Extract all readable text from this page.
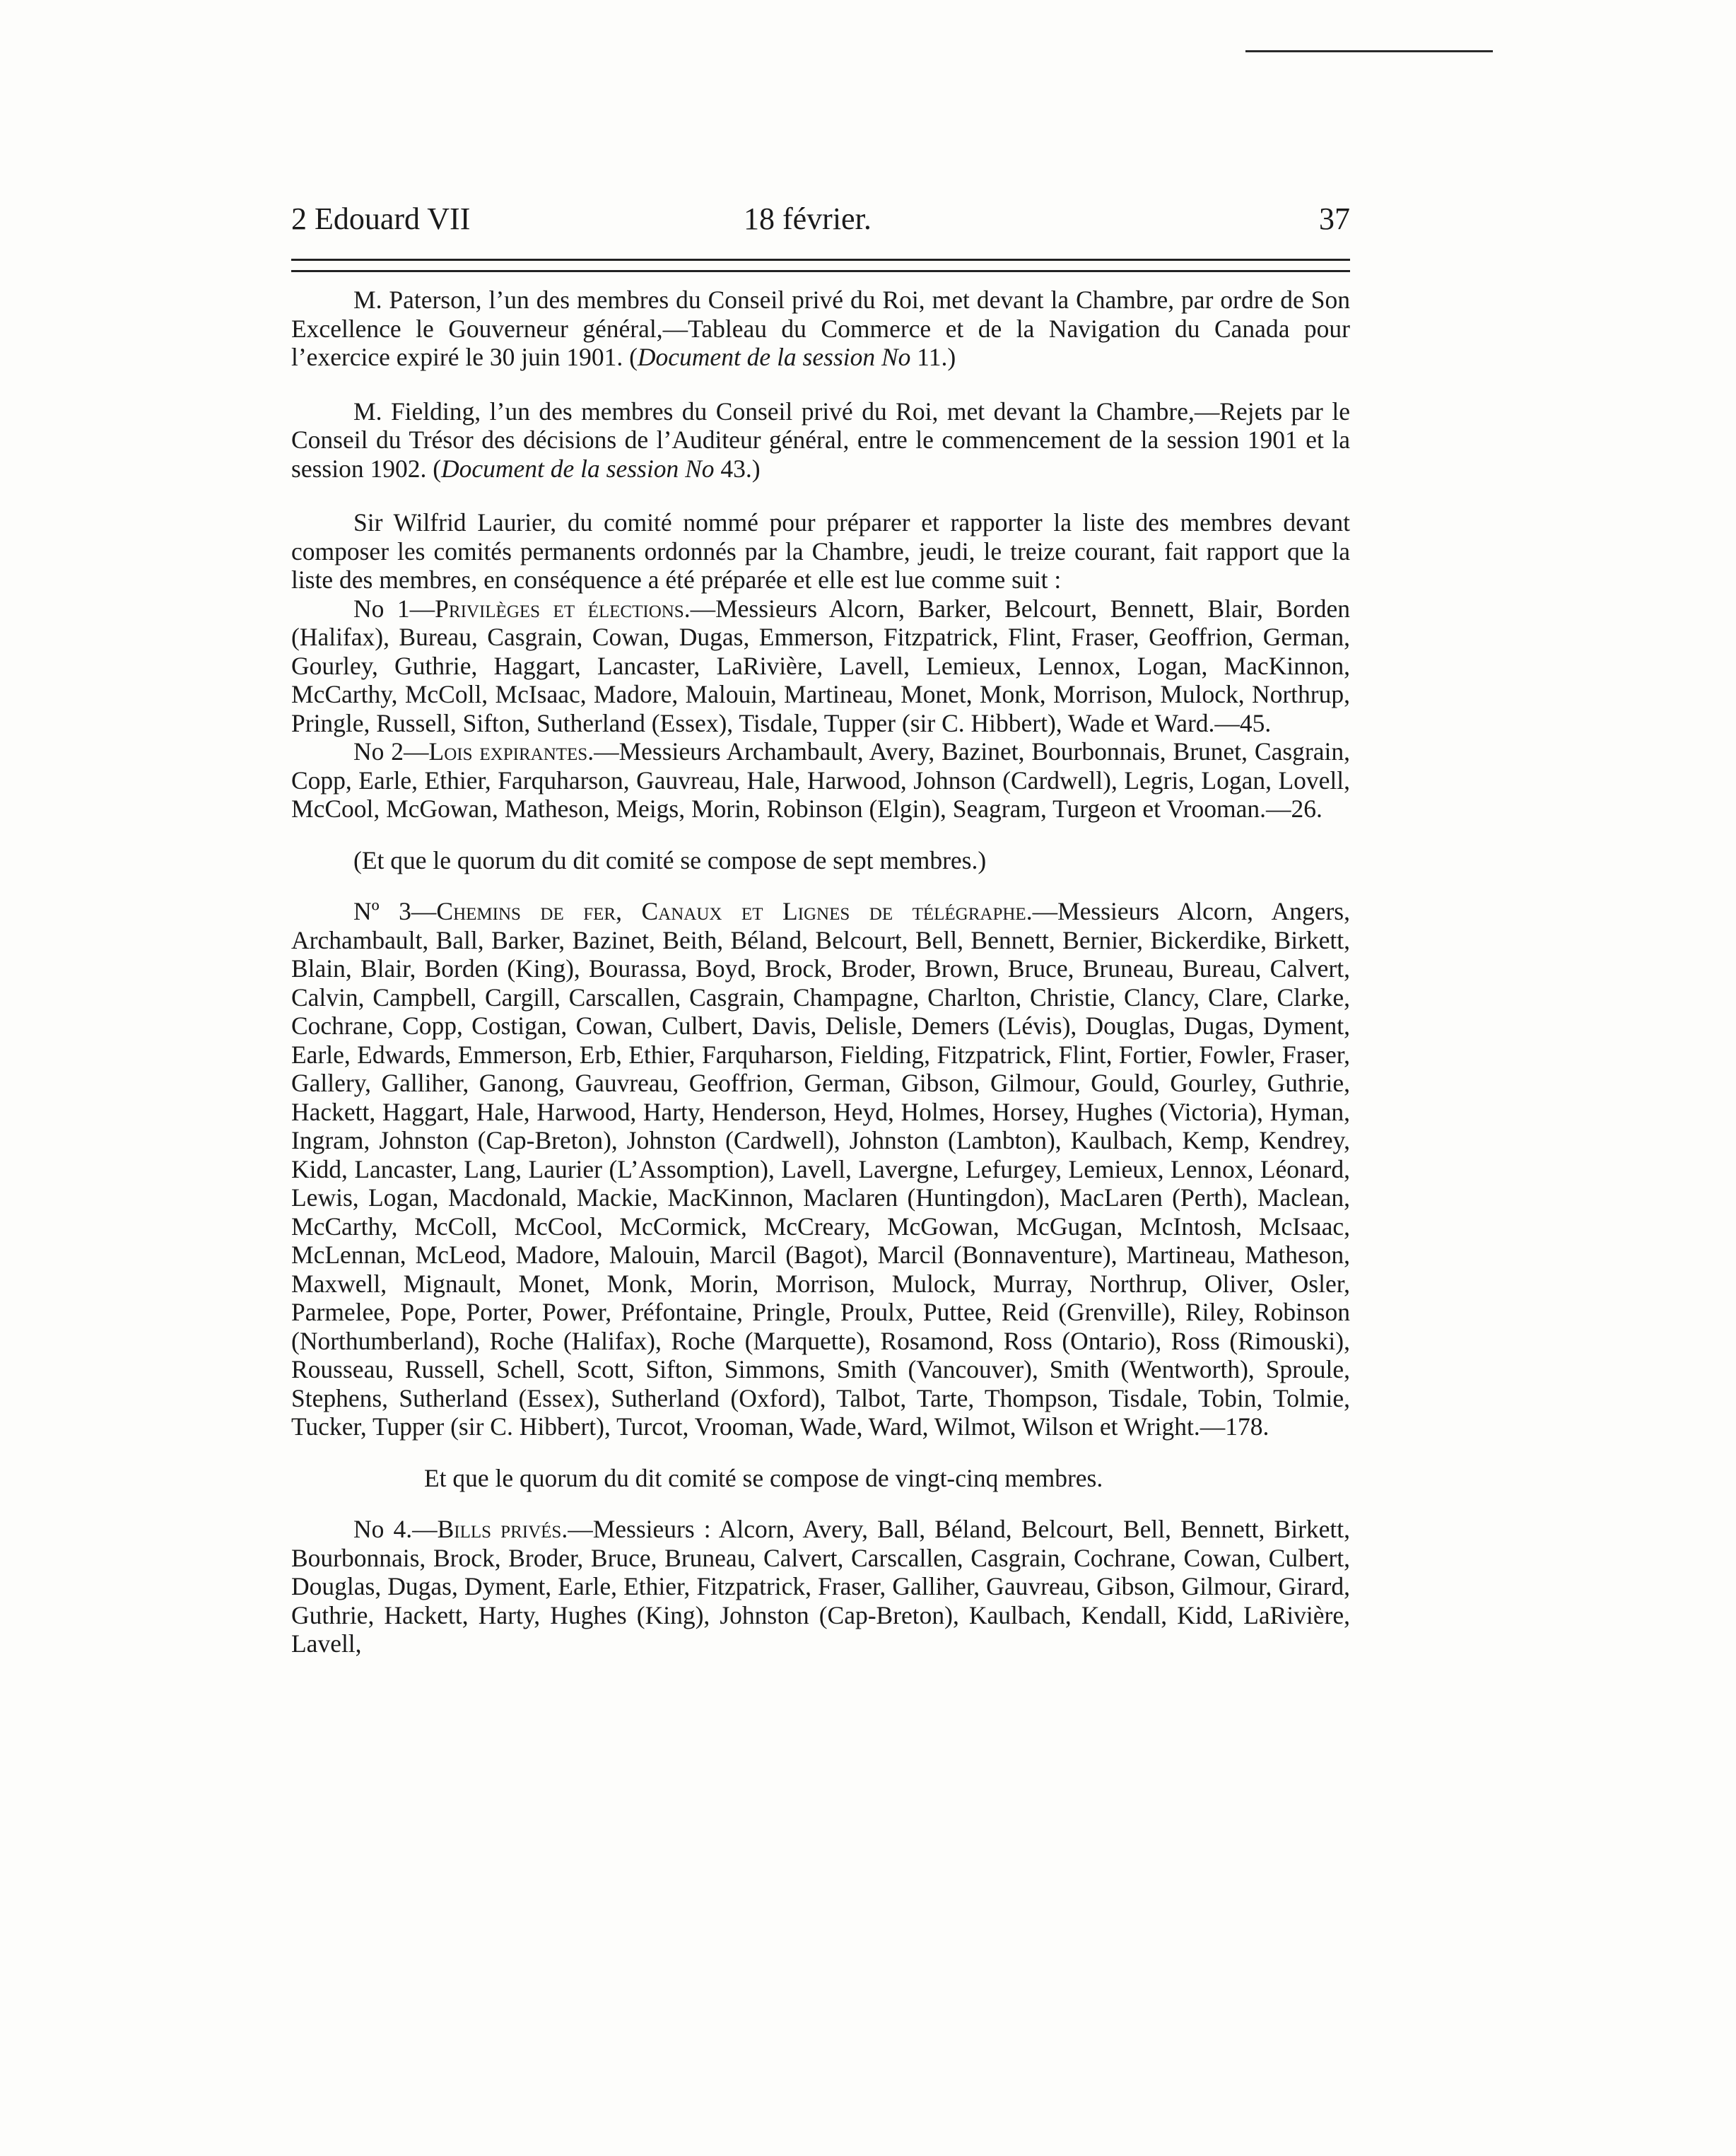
2 Edouard VII	18 février.	37

M. Paterson, l’un des membres du Conseil privé du Roi, met devant la Chambre, par ordre de Son Excellence le Gouverneur général,—Tableau du Commerce et de la Navigation du Canada pour l’exercice expiré le 30 juin 1901. (Document de la session No 11.)

M. Fielding, l’un des membres du Conseil privé du Roi, met devant la Chambre,—Rejets par le Conseil du Trésor des décisions de l’Auditeur général, entre le commencement de la session 1901 et la session 1902. (Document de la session No 43.)

Sir Wilfrid Laurier, du comité nommé pour préparer et rapporter la liste des membres devant composer les comités permanents ordonnés par la Chambre, jeudi, le treize courant, fait rapport que la liste des membres, en conséquence a été préparée et elle est lue comme suit :

No 1—Privilèges et élections.—Messieurs Alcorn, Barker, Belcourt, Bennett, Blair, Borden (Halifax), Bureau, Casgrain, Cowan, Dugas, Emmerson, Fitzpatrick, Flint, Fraser, Geoffrion, German, Gourley, Guthrie, Haggart, Lancaster, LaRivière, Lavell, Lemieux, Lennox, Logan, MacKinnon, McCarthy, McColl, McIsaac, Madore, Malouin, Martineau, Monet, Monk, Morrison, Mulock, Northrup, Pringle, Russell, Sifton, Sutherland (Essex), Tisdale, Tupper (sir C. Hibbert), Wade et Ward.—45.

No 2—Lois expirantes.—Messieurs Archambault, Avery, Bazinet, Bourbonnais, Brunet, Casgrain, Copp, Earle, Ethier, Farquharson, Gauvreau, Hale, Harwood, Johnson (Cardwell), Legris, Logan, Lovell, McCool, McGowan, Matheson, Meigs, Morin, Robinson (Elgin), Seagram, Turgeon et Vrooman.—26.

(Et que le quorum du dit comité se compose de sept membres.)

Nº 3—Chemins de fer, Canaux et Lignes de télégraphe.—Messieurs Alcorn, Angers, Archambault, Ball, Barker, Bazinet, Beith, Béland, Belcourt, Bell, Bennett, Bernier, Bickerdike, Birkett, Blain, Blair, Borden (King), Bourassa, Boyd, Brock, Broder, Brown, Bruce, Bruneau, Bureau, Calvert, Calvin, Campbell, Cargill, Carscallen, Casgrain, Champagne, Charlton, Christie, Clancy, Clare, Clarke, Cochrane, Copp, Costigan, Cowan, Culbert, Davis, Delisle, Demers (Lévis), Douglas, Dugas, Dyment, Earle, Edwards, Emmerson, Erb, Ethier, Farquharson, Fielding, Fitzpatrick, Flint, Fortier, Fowler, Fraser, Gallery, Galliher, Ganong, Gauvreau, Geoffrion, German, Gibson, Gilmour, Gould, Gourley, Guthrie, Hackett, Haggart, Hale, Harwood, Harty, Henderson, Heyd, Holmes, Horsey, Hughes (Victoria), Hyman, Ingram, Johnston (Cap-Breton), Johnston (Cardwell), Johnston (Lambton), Kaulbach, Kemp, Kendrey, Kidd, Lancaster, Lang, Laurier (L’Assomption), Lavell, Lavergne, Lefurgey, Lemieux, Lennox, Léonard, Lewis, Logan, Macdonald, Mackie, MacKinnon, Maclaren (Huntingdon), MacLaren (Perth), Maclean, McCarthy, McColl, McCool, McCormick, McCreary, McGowan, McGugan, McIntosh, McIsaac, McLennan, McLeod, Madore, Malouin, Marcil (Bagot), Marcil (Bonnaventure), Martineau, Matheson, Maxwell, Mignault, Monet, Monk, Morin, Morrison, Mulock, Murray, Northrup, Oliver, Osler, Parmelee, Pope, Porter, Power, Préfontaine, Pringle, Proulx, Puttee, Reid (Grenville), Riley, Robinson (Northumberland), Roche (Halifax), Roche (Marquette), Rosamond, Ross (Ontario), Ross (Rimouski), Rousseau, Russell, Schell, Scott, Sifton, Simmons, Smith (Vancouver), Smith (Wentworth), Sproule, Stephens, Sutherland (Essex), Sutherland (Oxford), Talbot, Tarte, Thompson, Tisdale, Tobin, Tolmie, Tucker, Tupper (sir C. Hibbert), Turcot, Vrooman, Wade, Ward, Wilmot, Wilson et Wright.—178.

Et que le quorum du dit comité se compose de vingt-cinq membres.

No 4.—Bills privés.—Messieurs : Alcorn, Avery, Ball, Béland, Belcourt, Bell, Bennett, Birkett, Bourbonnais, Brock, Broder, Bruce, Bruneau, Calvert, Carscallen, Casgrain, Cochrane, Cowan, Culbert, Douglas, Dugas, Dyment, Earle, Ethier, Fitzpatrick, Fraser, Galliher, Gauvreau, Gibson, Gilmour, Girard, Guthrie, Hackett, Harty, Hughes (King), Johnston (Cap-Breton), Kaulbach, Kendall, Kidd, LaRivière, Lavell,
